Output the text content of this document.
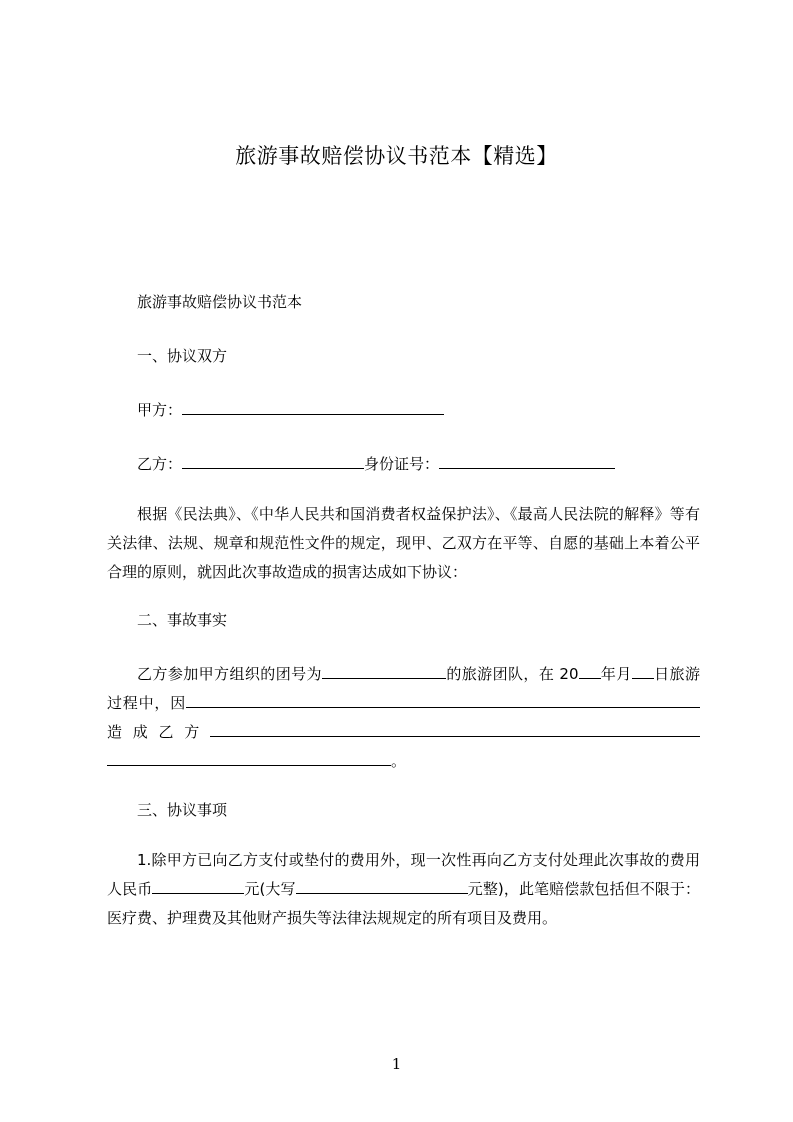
旅游事故赔偿协议书范本【精选】

旅游事故赔偿协议书范本

一、协议双方

甲方：

乙方：	身份证号：

根据《民法典》、《中华人民共和国消费者权益保护法》、《最高人民法院的解释》等有关法律、法规、规章和规范性文件的规定，现甲、乙双方在平等、自愿的基础上本着公平合理的原则，就因此次事故造成的损害达成如下协议：

二、事故事实

乙方参加甲方组织的团号为	的旅游团队，在 20 年月 日旅游过程中，因造成乙方。

三、协议事项

1.除甲方已向乙方支付或垫付的费用外，现一次性再向乙方支付处理此次事故的费用人民币	元(大写	元整)，此笔赔偿款包括但不限于：医疗费、护理费及其他财产损失等法律法规规定的所有项目及费用。

1
